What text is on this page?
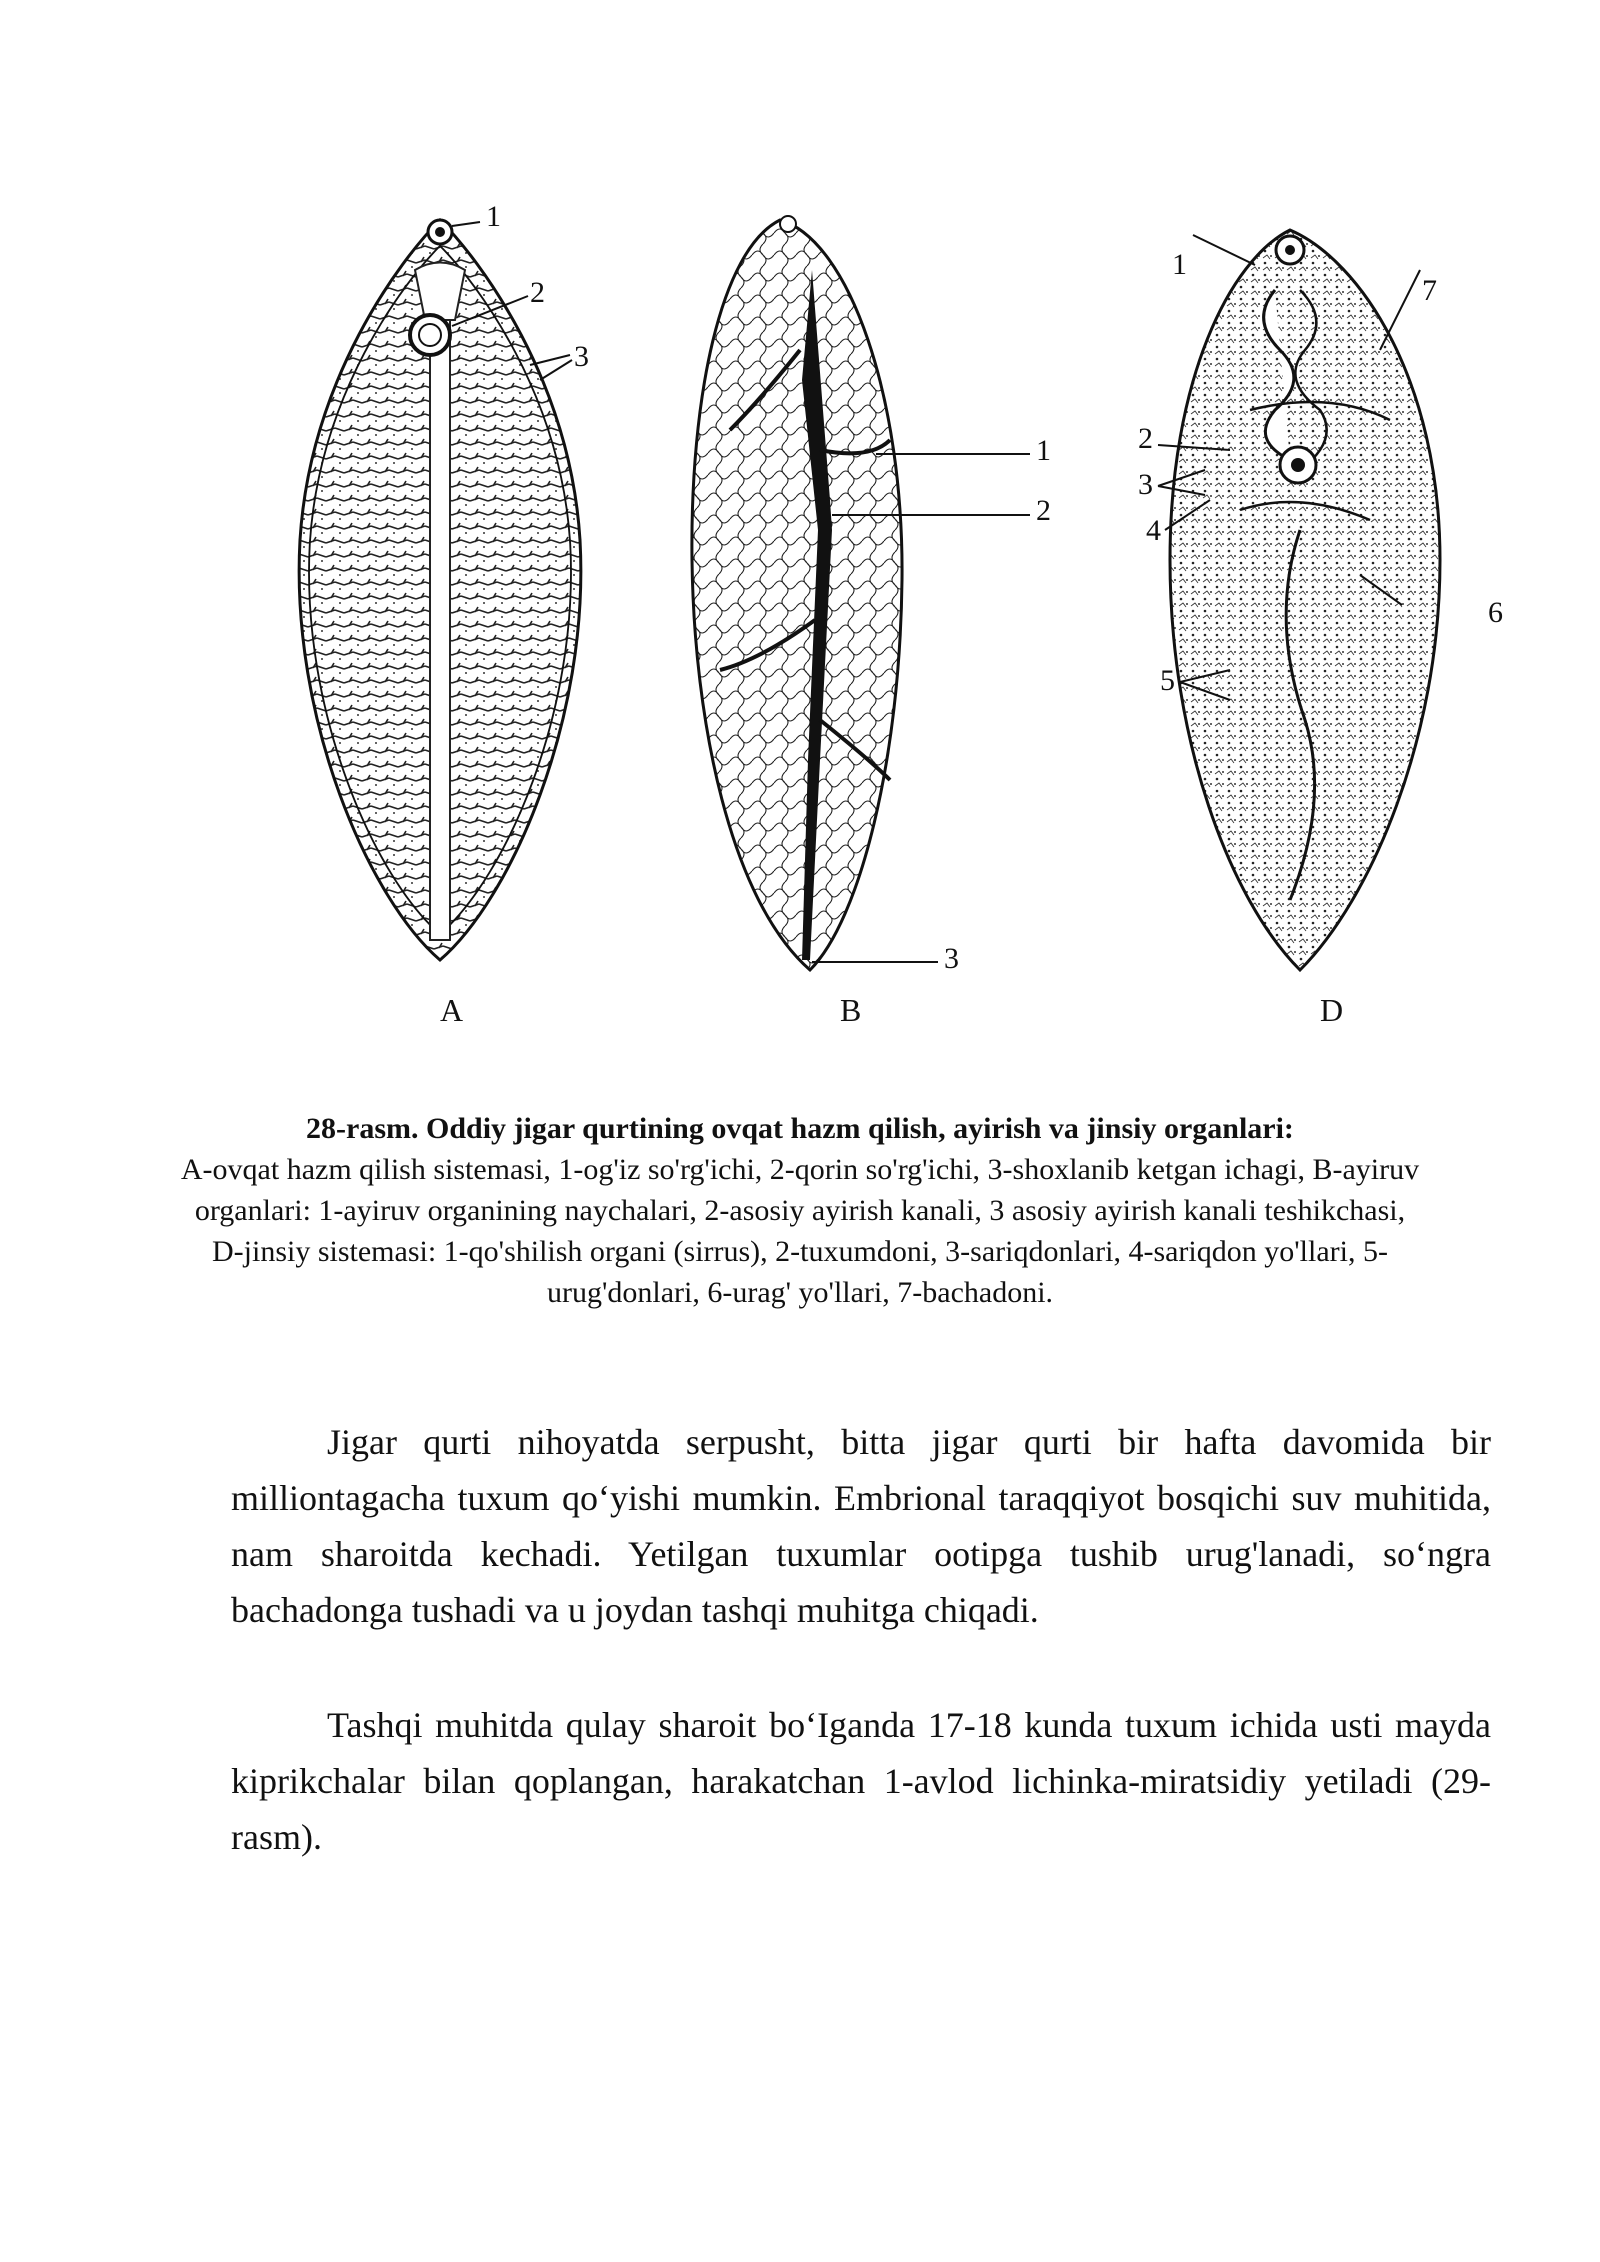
1
2
3
A
1
2
3
B
1
2
3
4
5
6
7
D
28-rasm. Oddiy jigar qurtining ovqat hazm qilish, ayirish va jinsiy organlari:
A-ovqat hazm qilish sistemasi, 1-og'iz so'rg'ichi, 2-qorin so'rg'ichi, 3-shoxlanib ketgan ichagi, B-ayiruv organlari: 1-ayiruv organining naychalari, 2-asosiy ayirish kanali, 3 asosiy ayirish kanali teshikchasi, D-jinsiy sistemasi: 1-qo'shilish organi (sirrus), 2-tuxumdoni, 3-sariqdonlari, 4-sariqdon yo'llari, 5-urug'donlari, 6-urag' yo'llari, 7-bachadoni.
Jigar qurti nihoyatda serpusht, bitta jigar qurti bir hafta davomida bir milliontagacha tuxum qo‘yishi mumkin. Embrional taraqqiyot bosqichi suv muhitida, nam sharoitda kechadi. Yetilgan tuxumlar ootipga tushib urug'lanadi, so‘ngra bachadonga tushadi va u joydan tashqi muhitga chiqadi.
Tashqi muhitda qulay sharoit bo‘Iganda 17-18 kunda tuxum ichida usti mayda kiprikchalar bilan qoplangan, harakatchan 1-avlod lichinka-miratsidiy yetiladi (29-rasm).
